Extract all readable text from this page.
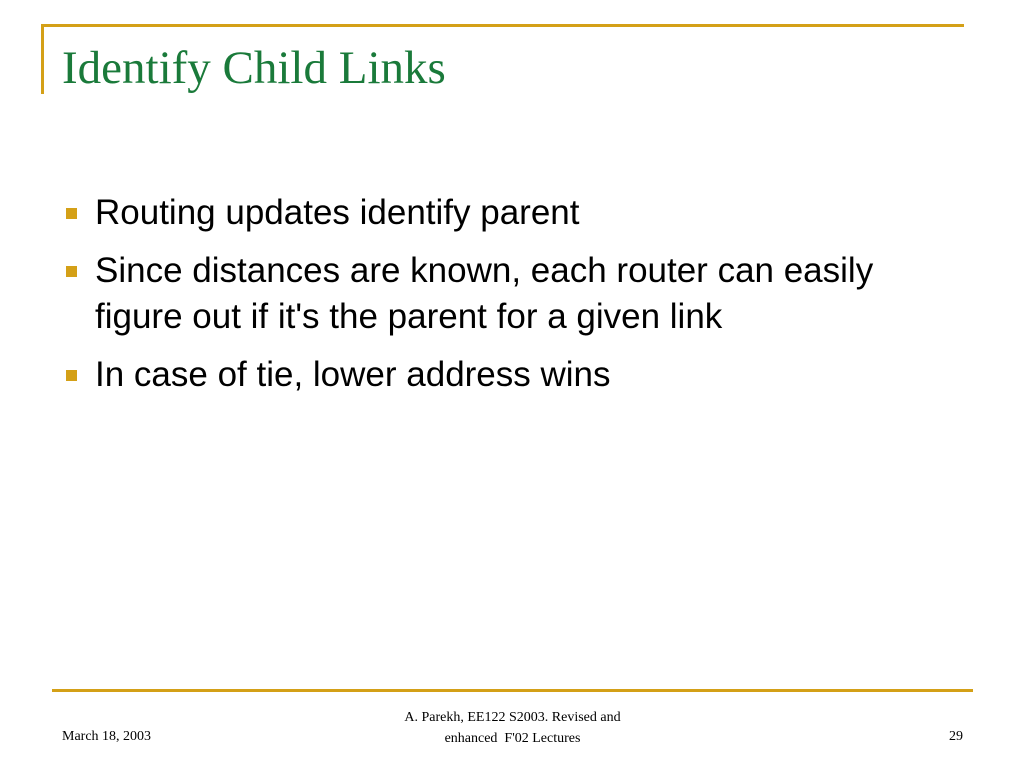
Identify Child Links
Routing updates identify parent
Since distances are known, each router can easily figure out if it's the parent for a given link
In case of tie, lower address wins
March 18, 2003
A. Parekh, EE122 S2003. Revised and
enhanced  F'02 Lectures	29
